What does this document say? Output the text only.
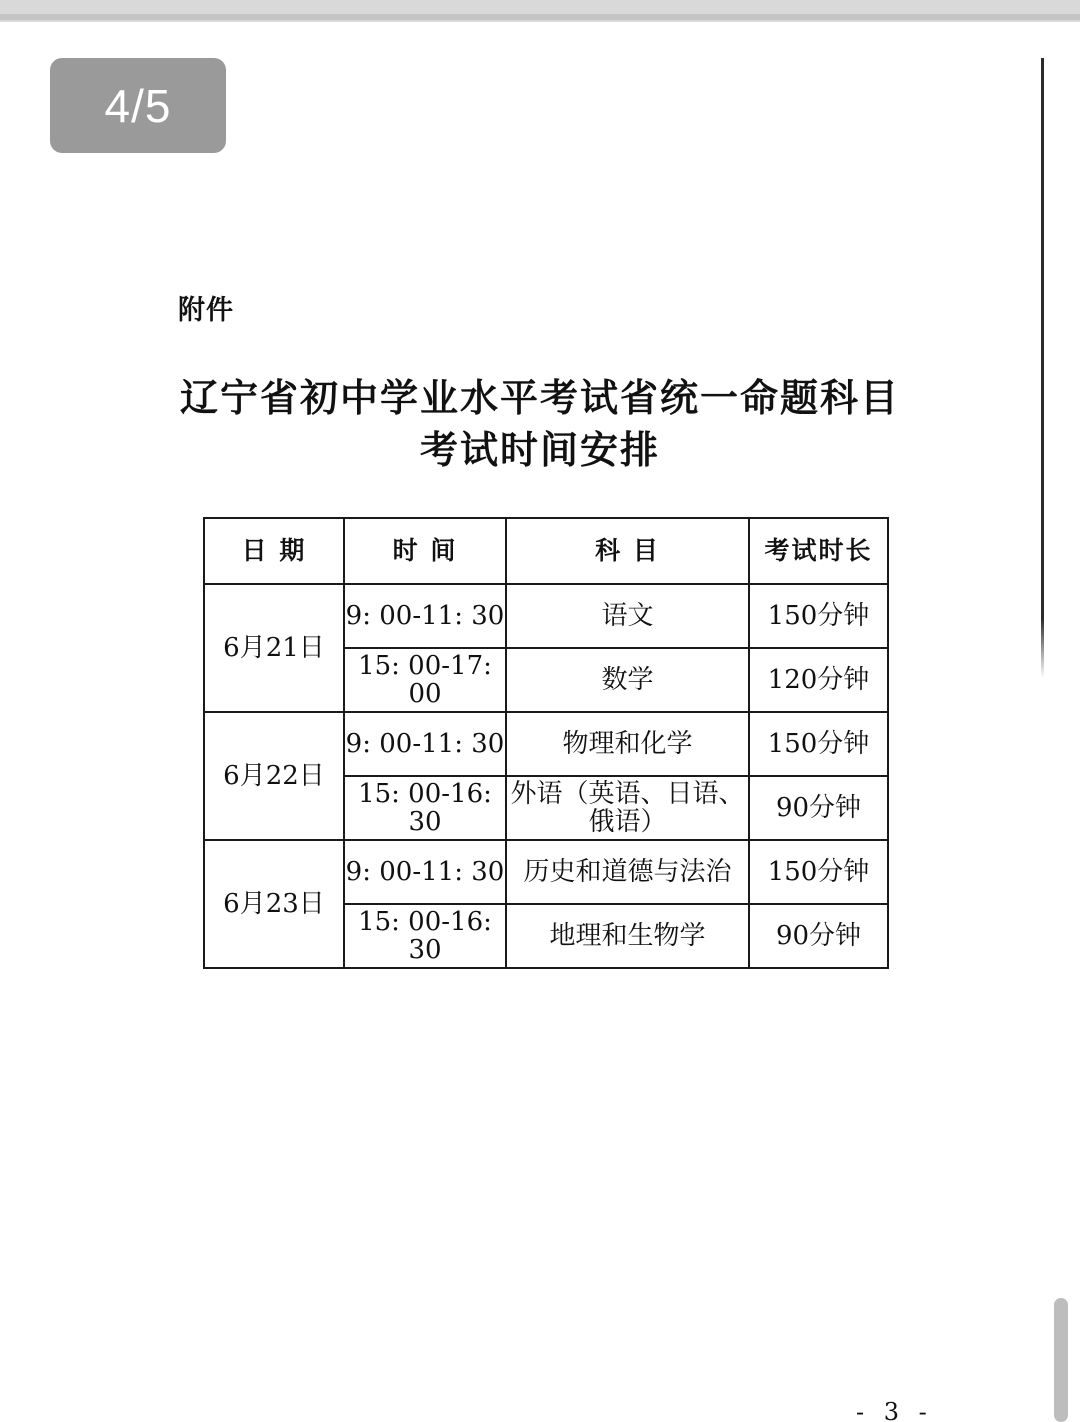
4/5
附件
辽宁省初中学业水平考试省统一命题科目
考试时间安排
日 期	时 间	科 目	考试时长
6月21日	9: 00-11: 30	语文	150分钟
	15: 00-17: 00	数学	120分钟
6月22日	9: 00-11: 30	物理和化学	150分钟
	15: 00-16: 30	外语（英语、日语、俄语）	90分钟
6月23日	9: 00-11: 30	历史和道德与法治	150分钟
	15: 00-16: 30	地理和生物学	90分钟
- 3 -
